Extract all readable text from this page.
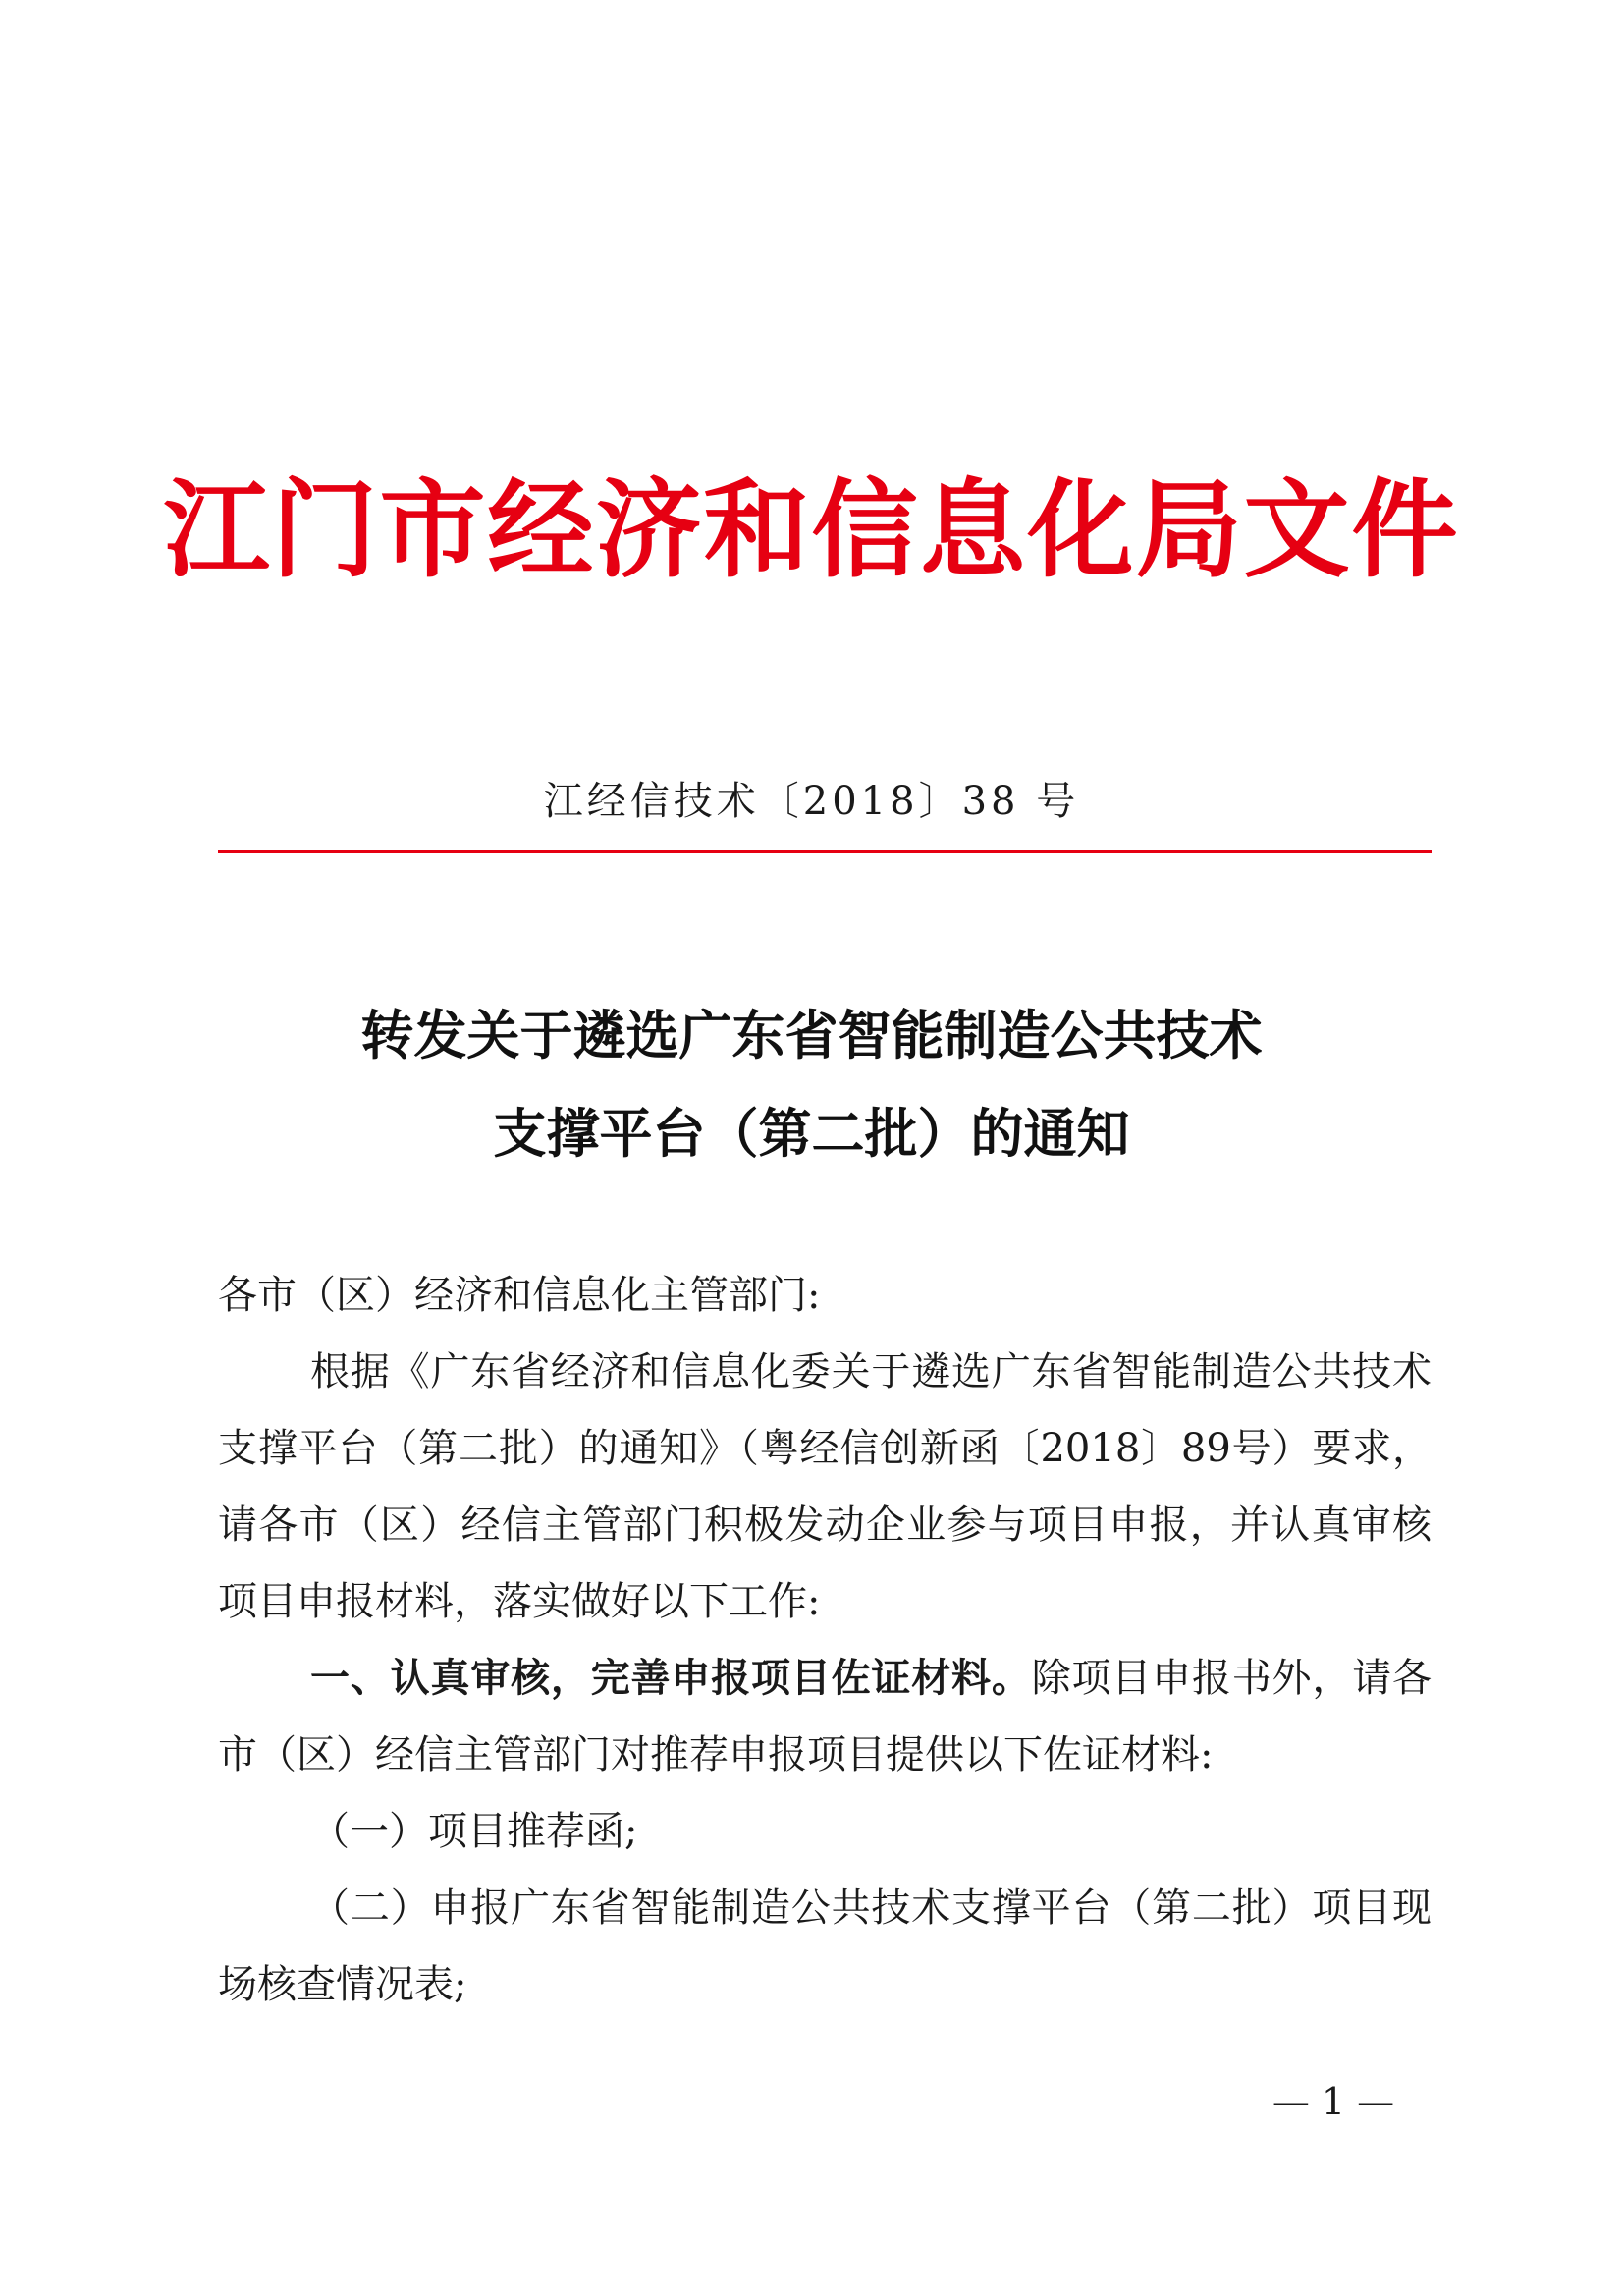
江门市经济和信息化局文件
江经信技术〔2018〕38 号
转发关于遴选广东省智能制造公共技术
支撑平台（第二批）的通知

各市（区）经济和信息化主管部门:

根据《广东省经济和信息化委关于遴选广东省智能制造公共技术支撑平台（第二批）的通知》（粤经信创新函〔2018〕89号）要求，请各市（区）经信主管部门积极发动企业参与项目申报，并认真审核项目申报材料，落实做好以下工作:

一、认真审核，完善申报项目佐证材料。除项目申报书外，请各市（区）经信主管部门对推荐申报项目提供以下佐证材料:

（一）项目推荐函;

（二）申报广东省智能制造公共技术支撑平台（第二批）项目现场核查情况表;

— 1 —
